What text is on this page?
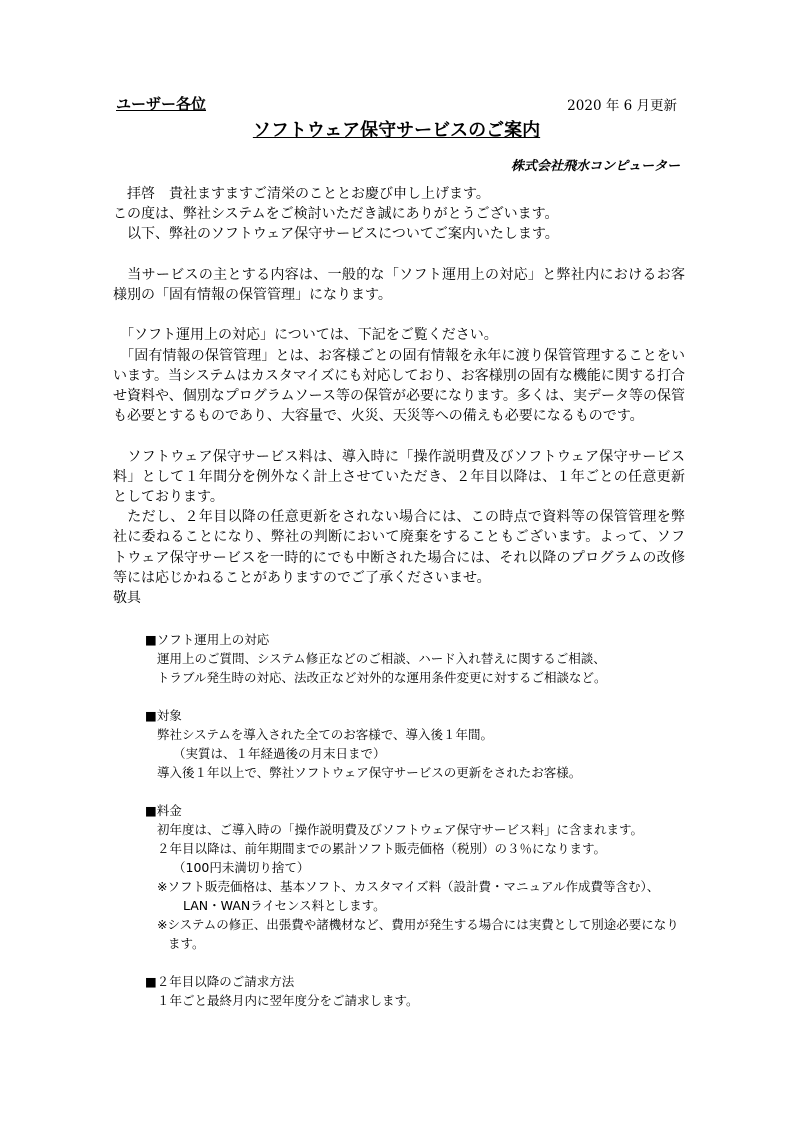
ユーザー各位	2020 年 6 月更新
ソフトウェア保守サービスのご案内
株式会社飛水コンピューター

　拝啓　貴社ますますご清栄のこととお慶び申し上げます。

この度は、弊社システムをご検討いただき誠にありがとうございます。

　以下、弊社のソフトウェア保守サービスについてご案内いたします。

　当サービスの主とする内容は、一般的な「ソフト運用上の対応」と弊社内におけるお客様別の「固有情報の保管管理」になります。

　「ソフト運用上の対応」については、下記をご覧ください。

　「固有情報の保管管理」とは、お客様ごとの固有情報を永年に渡り保管管理することをいいます。当システムはカスタマイズにも対応しており、お客様別の固有な機能に関する打合せ資料や、個別なプログラムソース等の保管が必要になります。多くは、実データ等の保管も必要とするものであり、大容量で、火災、天災等への備えも必要になるものです。

　ソフトウェア保守サービス料は、導入時に「操作説明費及びソフトウェア保守サービス料」として１年間分を例外なく計上させていただき、２年目以降は、１年ごとの任意更新としております。

　ただし、２年目以降の任意更新をされない場合には、この時点で資料等の保管管理を弊社に委ねることになり、弊社の判断において廃棄をすることもございます。よって、ソフトウェア保守サービスを一時的にでも中断された場合には、それ以降のプログラムの改修等には応じかねることがありますのでご了承くださいませ。

敬具

■ソフト運用上の対応

運用上のご質問、システム修正などのご相談、ハード入れ替えに関するご相談、

トラブル発生時の対応、法改正など対外的な運用条件変更に対するご相談など。

■対象

弊社システムを導入された全てのお客様で、導入後１年間。

（実質は、１年経過後の月末日まで）

導入後１年以上で、弊社ソフトウェア保守サービスの更新をされたお客様。

■料金

初年度は、ご導入時の「操作説明費及びソフトウェア保守サービス料」に含まれます。

２年目以降は、前年期間までの累計ソフト販売価格（税別）の３％になります。

（100円未満切り捨て）

※ソフト販売価格は、基本ソフト、カスタマイズ料（設計費・マニュアル作成費等含む）、

LAN・WANライセンス料とします。

※システムの修正、出張費や諸機材など、費用が発生する場合には実費として別途必要になります。

■２年目以降のご請求方法

１年ごと最終月内に翌年度分をご請求します。
